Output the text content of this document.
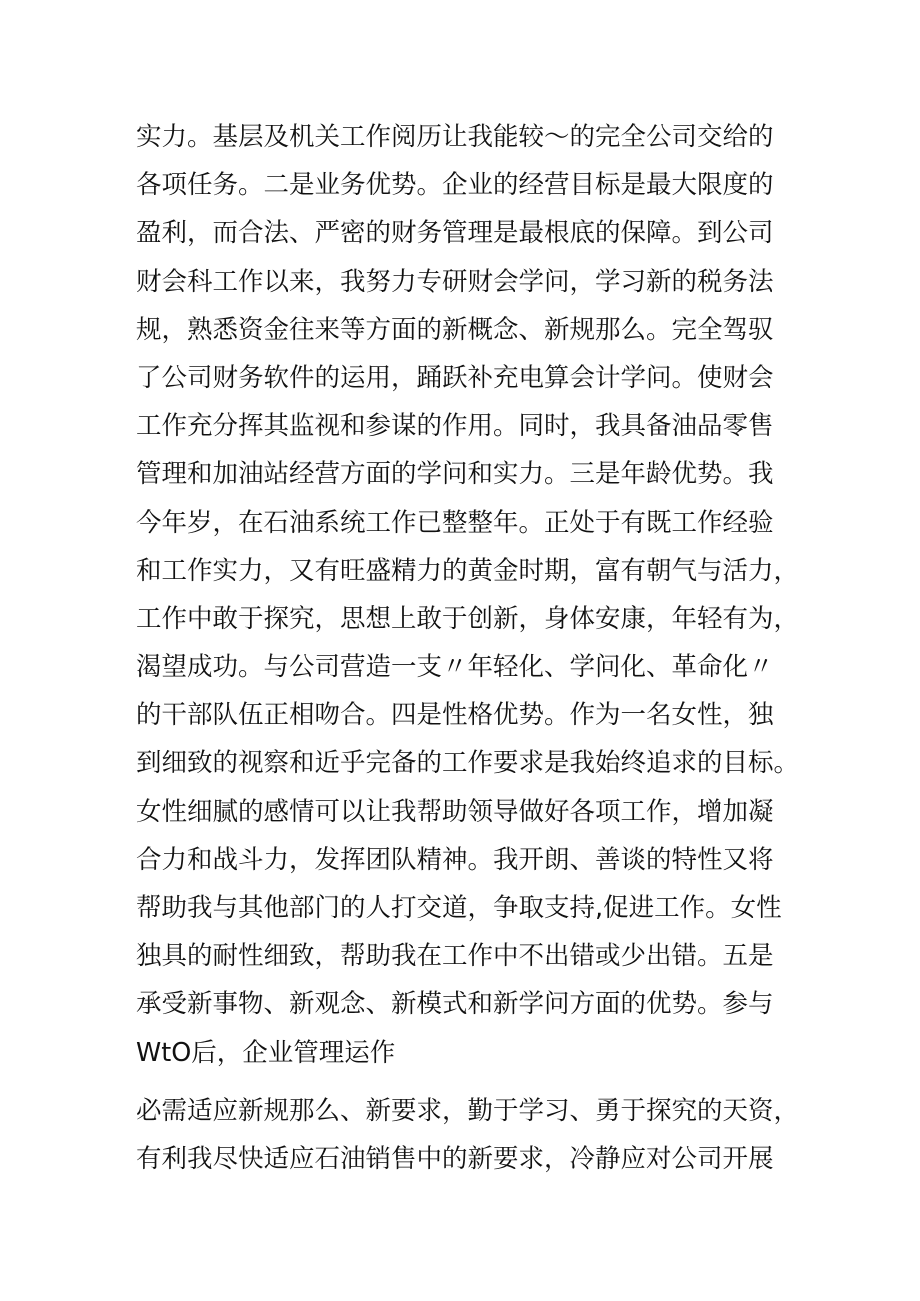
实力。基层及机关工作阅历让我能较〜的完全公司交给的
各项任务。二是业务优势。企业的经营目标是最大限度的
盈利，而合法、严密的财务管理是最根底的保障。到公司
财会科工作以来，我努力专研财会学问，学习新的税务法
规，熟悉资金往来等方面的新概念、新规那么。完全驾驭
了公司财务软件的运用，踊跃补充电算会计学问。使财会
工作充分挥其监视和参谋的作用。同时，我具备油品零售
管理和加油站经营方面的学问和实力。三是年龄优势。我
今年岁，在石油系统工作已整整年。正处于有既工作经验
和工作实力，又有旺盛精力的黄金时期，富有朝气与活力，
工作中敢于探究，思想上敢于创新，身体安康，年轻有为，
渴望成功。与公司营造一支〃年轻化、学问化、革命化〃
的干部队伍正相吻合。四是性格优势。作为一名女性，独
到细致的视察和近乎完备的工作要求是我始终追求的目标。
女性细腻的感情可以让我帮助领导做好各项工作，增加凝
合力和战斗力，发挥团队精神。我开朗、善谈的特性又将
帮助我与其他部门的人打交道，争取支持,促进工作。女性
独具的耐性细致，帮助我在工作中不出错或少出错。五是
承受新事物、新观念、新模式和新学问方面的优势。参与
WtO后，企业管理运作
必需适应新规那么、新要求，勤于学习、勇于探究的天资，
有利我尽快适应石油销售中的新要求，冷静应对公司开展
